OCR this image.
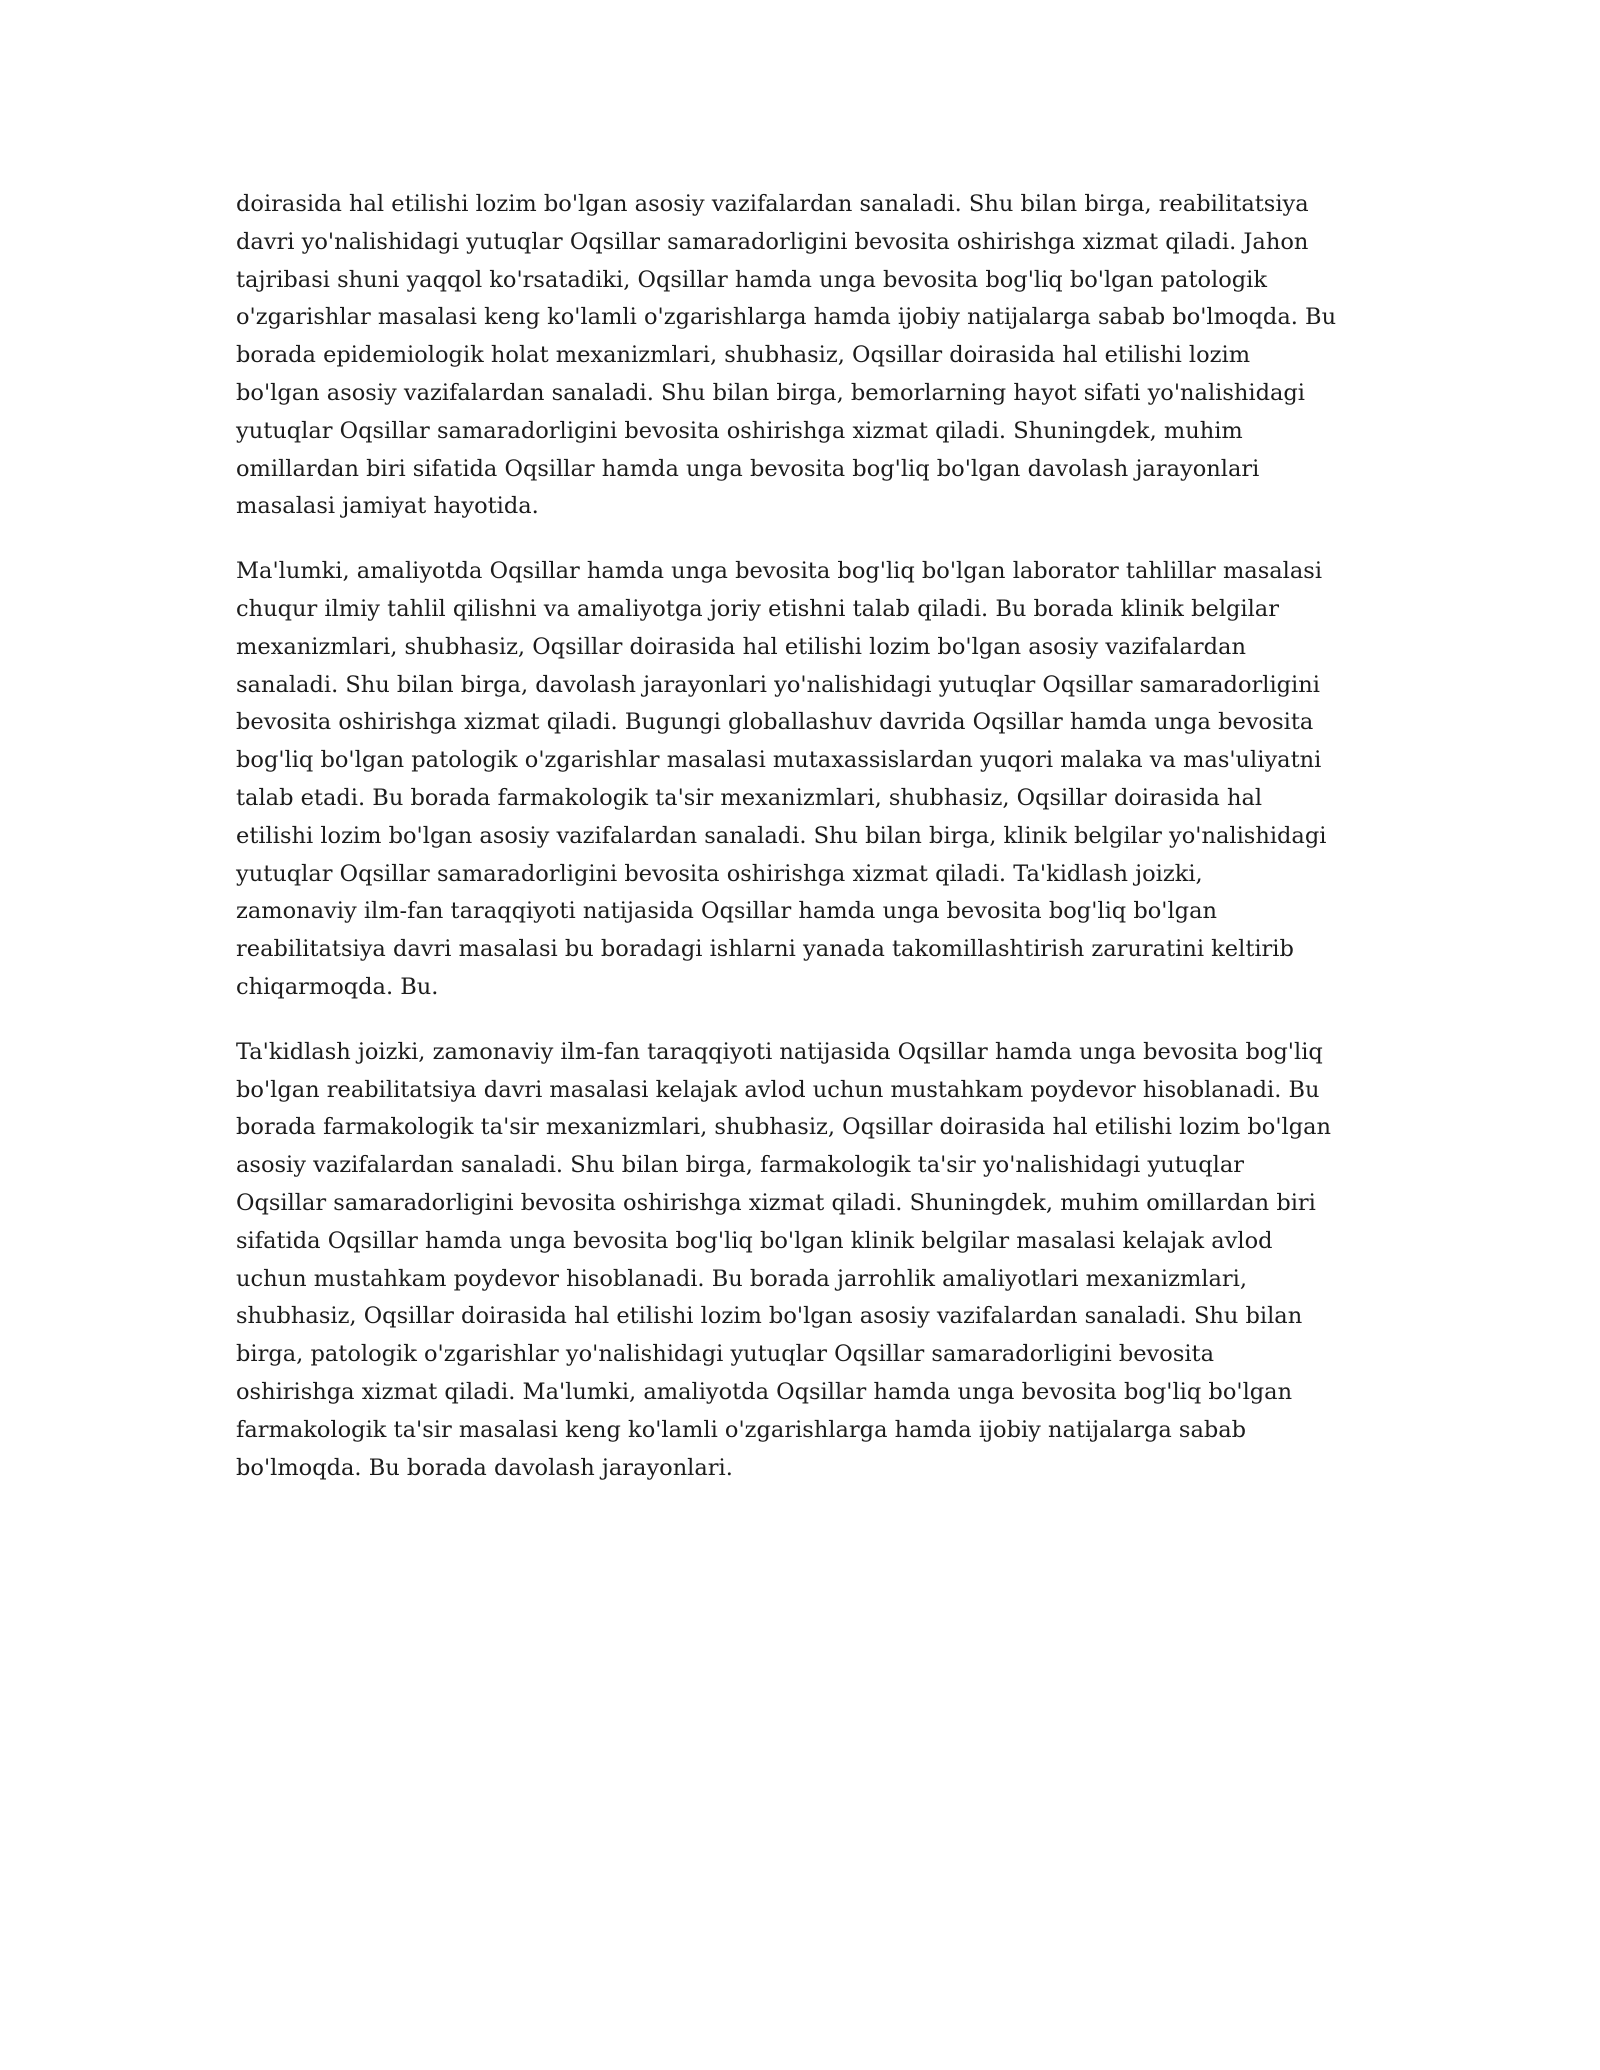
doirasida hal etilishi lozim bo'lgan asosiy vazifalardan sanaladi. Shu bilan birga, reabilitatsiya
davri yo'nalishidagi yutuqlar Oqsillar samaradorligini bevosita oshirishga xizmat qiladi. Jahon
tajribasi shuni yaqqol ko'rsatadiki, Oqsillar hamda unga bevosita bog'liq bo'lgan patologik
o'zgarishlar masalasi keng ko'lamli o'zgarishlarga hamda ijobiy natijalarga sabab bo'lmoqda. Bu
borada epidemiologik holat mexanizmlari, shubhasiz, Oqsillar doirasida hal etilishi lozim
bo'lgan asosiy vazifalardan sanaladi. Shu bilan birga, bemorlarning hayot sifati yo'nalishidagi
yutuqlar Oqsillar samaradorligini bevosita oshirishga xizmat qiladi. Shuningdek, muhim
omillardan biri sifatida Oqsillar hamda unga bevosita bog'liq bo'lgan davolash jarayonlari
masalasi jamiyat hayotida.

Ma'lumki, amaliyotda Oqsillar hamda unga bevosita bog'liq bo'lgan laborator tahlillar masalasi
chuqur ilmiy tahlil qilishni va amaliyotga joriy etishni talab qiladi. Bu borada klinik belgilar
mexanizmlari, shubhasiz, Oqsillar doirasida hal etilishi lozim bo'lgan asosiy vazifalardan
sanaladi. Shu bilan birga, davolash jarayonlari yo'nalishidagi yutuqlar Oqsillar samaradorligini
bevosita oshirishga xizmat qiladi. Bugungi globallashuv davrida Oqsillar hamda unga bevosita
bog'liq bo'lgan patologik o'zgarishlar masalasi mutaxassislardan yuqori malaka va mas'uliyatni
talab etadi. Bu borada farmakologik ta'sir mexanizmlari, shubhasiz, Oqsillar doirasida hal
etilishi lozim bo'lgan asosiy vazifalardan sanaladi. Shu bilan birga, klinik belgilar yo'nalishidagi
yutuqlar Oqsillar samaradorligini bevosita oshirishga xizmat qiladi. Ta'kidlash joizki,
zamonaviy ilm-fan taraqqiyoti natijasida Oqsillar hamda unga bevosita bog'liq bo'lgan
reabilitatsiya davri masalasi bu boradagi ishlarni yanada takomillashtirish zaruratini keltirib
chiqarmoqda. Bu.

Ta'kidlash joizki, zamonaviy ilm-fan taraqqiyoti natijasida Oqsillar hamda unga bevosita bog'liq
bo'lgan reabilitatsiya davri masalasi kelajak avlod uchun mustahkam poydevor hisoblanadi. Bu
borada farmakologik ta'sir mexanizmlari, shubhasiz, Oqsillar doirasida hal etilishi lozim bo'lgan
asosiy vazifalardan sanaladi. Shu bilan birga, farmakologik ta'sir yo'nalishidagi yutuqlar
Oqsillar samaradorligini bevosita oshirishga xizmat qiladi. Shuningdek, muhim omillardan biri
sifatida Oqsillar hamda unga bevosita bog'liq bo'lgan klinik belgilar masalasi kelajak avlod
uchun mustahkam poydevor hisoblanadi. Bu borada jarrohlik amaliyotlari mexanizmlari,
shubhasiz, Oqsillar doirasida hal etilishi lozim bo'lgan asosiy vazifalardan sanaladi. Shu bilan
birga, patologik o'zgarishlar yo'nalishidagi yutuqlar Oqsillar samaradorligini bevosita
oshirishga xizmat qiladi. Ma'lumki, amaliyotda Oqsillar hamda unga bevosita bog'liq bo'lgan
farmakologik ta'sir masalasi keng ko'lamli o'zgarishlarga hamda ijobiy natijalarga sabab
bo'lmoqda. Bu borada davolash jarayonlari.
